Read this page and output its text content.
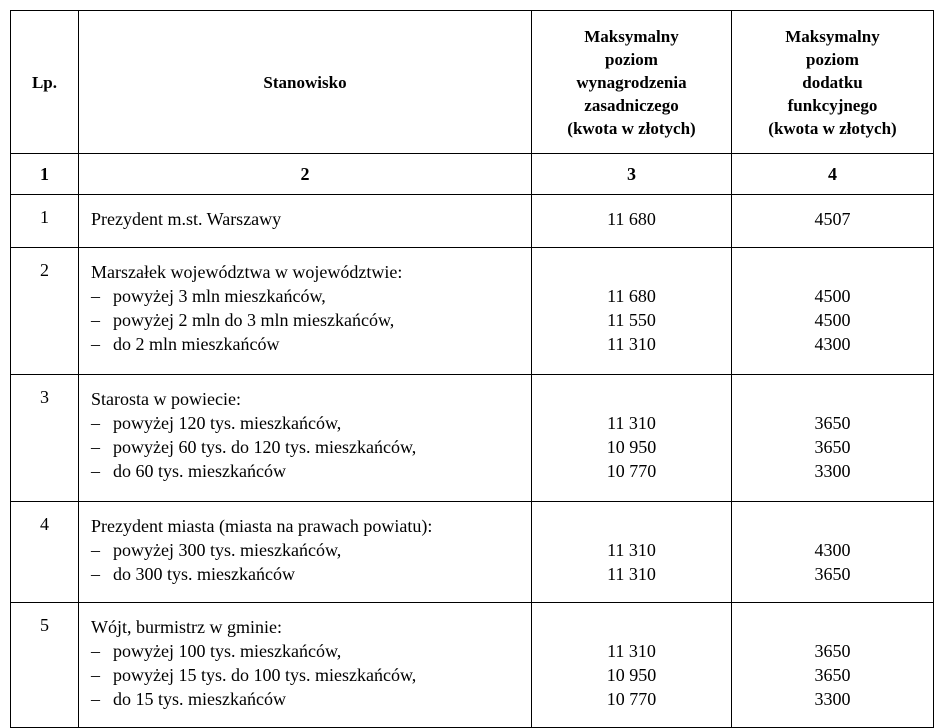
Lp.	Stanowisko	Maksymalny
poziom
wynagrodzenia
zasadniczego
(kwota w złotych)	Maksymalny
poziom
dodatku
funkcyjnego
(kwota w złotych)

1	2	3	4
1	Prezydent m.st. Warszawy	11 680	4507

2	Marszałek województwa w województwie:
– powyżej 3 mln mieszkańców,
– powyżej 2 mln do 3 mln mieszkańców,
– do 2 mln mieszkańców	11 680
11 550
11 310	4500
4500
4300

3	Starosta w powiecie:
– powyżej 120 tys. mieszkańców,
– powyżej 60 tys. do 120 tys. mieszkańców,
– do 60 tys. mieszkańców	11 310
10 950
10 770	3650
3650
3300

4	Prezydent miasta (miasta na prawach powiatu):
– powyżej 300 tys. mieszkańców,
– do 300 tys. mieszkańców	11 310
11 310	4300
3650

5	Wójt, burmistrz w gminie:
– powyżej 100 tys. mieszkańców,
– powyżej 15 tys. do 100 tys. mieszkańców,
– do 15 tys. mieszkańców	11 310
10 950
10 770	3650
3650
3300
